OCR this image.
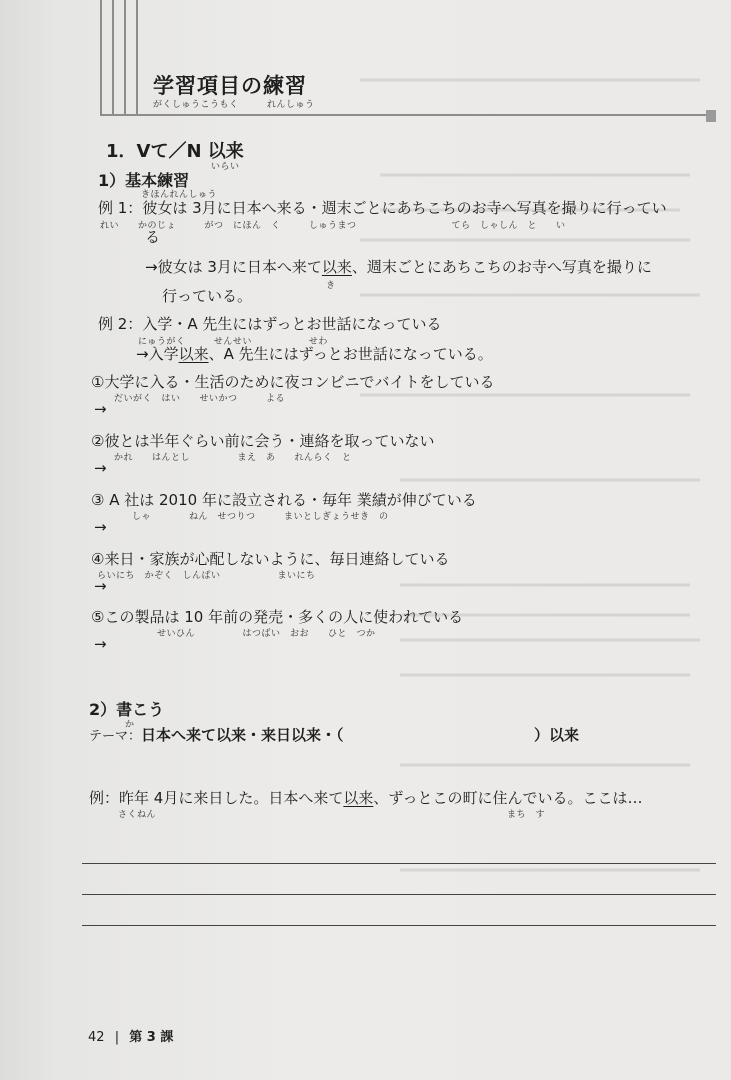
学習項目の練習
がくしゅうこうもく　　　れんしゅう
1．Vて／N 以来
いらい
1）基本練習
きほんれんしゅう
例 1：彼女は 3月に日本へ来る・週末ごとにあちこちのお寺へ写真を撮りに行ってい
れい　　かのじょ　　　がつ　にほん　く　　　しゅうまつ　　　　　　　　　　てら　しゃしん　と　　い
る
→彼女は 3月に日本へ来て以来、週末ごとにあちこちのお寺へ写真を撮りに
き
行っている。
例 2：入学・A 先生にはずっとお世話になっている
にゅうがく　　　せんせい　　　　　　せわ
→入学以来、A 先生にはずっとお世話になっている。
①大学に入る・生活のために夜コンビニでバイトをしている
だいがく　はい　　せいかつ　　　よる
→
②彼とは半年ぐらい前に会う・連絡を取っていない
かれ　　はんとし　　　　　まえ　あ　　れんらく　と
→
③ A 社は 2010 年に設立される・毎年 業績が伸びている
しゃ　　　　ねん　せつりつ　　　まいとしぎょうせき　の
→
④来日・家族が心配しないように、毎日連絡している
らいにち　かぞく　しんぱい　　　　　　まいにち
→
⑤この製品は 10 年前の発売・多くの人に使われている
せいひん　　　　　はつばい　おお　　ひと　つか
→
2）書こう
か
テーマ：日本へ来て以来・来日以来・（	）以来
例：昨年 4月に来日した。日本へ来て以来、ずっとこの町に住んでいる。ここは…
さくねん	まち　す
42 | 第 3 課
